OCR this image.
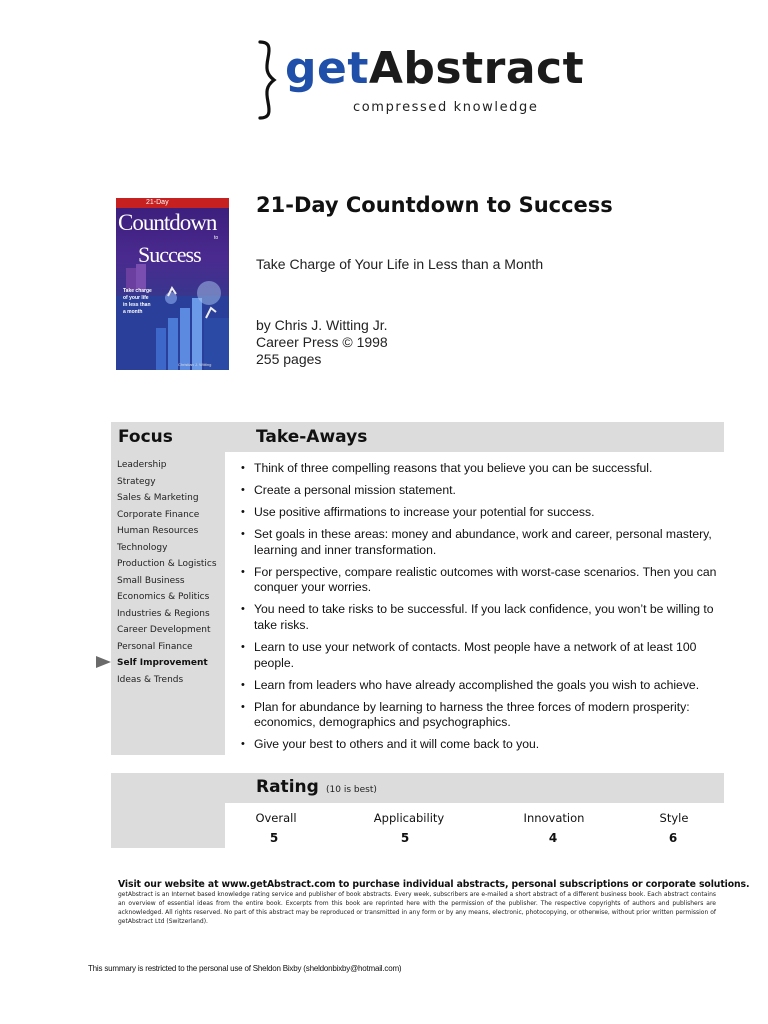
getAbstract
compressed knowledge
21-Day
Countdown
to
Success
Take charge of your life in less than a month
Christian J. Witting
21-Day Countdown to Success
Take Charge of Your Life in Less than a Month
by Chris J. Witting Jr.
Career Press © 1998
255 pages
Focus	Take-Aways
Leadership
Strategy
Sales & Marketing
Corporate Finance
Human Resources
Technology
Production & Logistics
Small Business
Economics & Politics
Industries & Regions
Career Development
Personal Finance
Self Improvement
Ideas & Trends
• Think of three compelling reasons that you believe you can be successful.
• Create a personal mission statement.
• Use positive affirmations to increase your potential for success.
• Set goals in these areas: money and abundance, work and career, personal mastery, learning and inner transformation.
• For perspective, compare realistic outcomes with worst-case scenarios. Then you can conquer your worries.
• You need to take risks to be successful. If you lack confidence, you won’t be willing to take risks.
• Learn to use your network of contacts. Most people have a network of at least 100 people.
• Learn from leaders who have already accomplished the goals you wish to achieve.
• Plan for abundance by learning to harness the three forces of modern prosperity: economics, demographics and psychographics.
• Give your best to others and it will come back to you.
Rating (10 is best)
Overall	Applicability	Innovation	Style
5	5	4	6
Visit our website at www.getAbstract.com to purchase individual abstracts, personal subscriptions or corporate solutions.
getAbstract is an Internet based knowledge rating service and publisher of book abstracts. Every week, subscribers are e-mailed a short abstract of a different business book. Each abstract contains an overview of essential ideas from the entire book. Excerpts from this book are reprinted here with the permission of the publisher. The respective copyrights of authors and publishers are acknowledged. All rights reserved. No part of this abstract may be reproduced or transmitted in any form or by any means, electronic, photocopying, or otherwise, without prior written permission of getAbstract Ltd (Switzerland).
This summary is restricted to the personal use of Sheldon Bixby (sheldonbixby@hotmail.com)
